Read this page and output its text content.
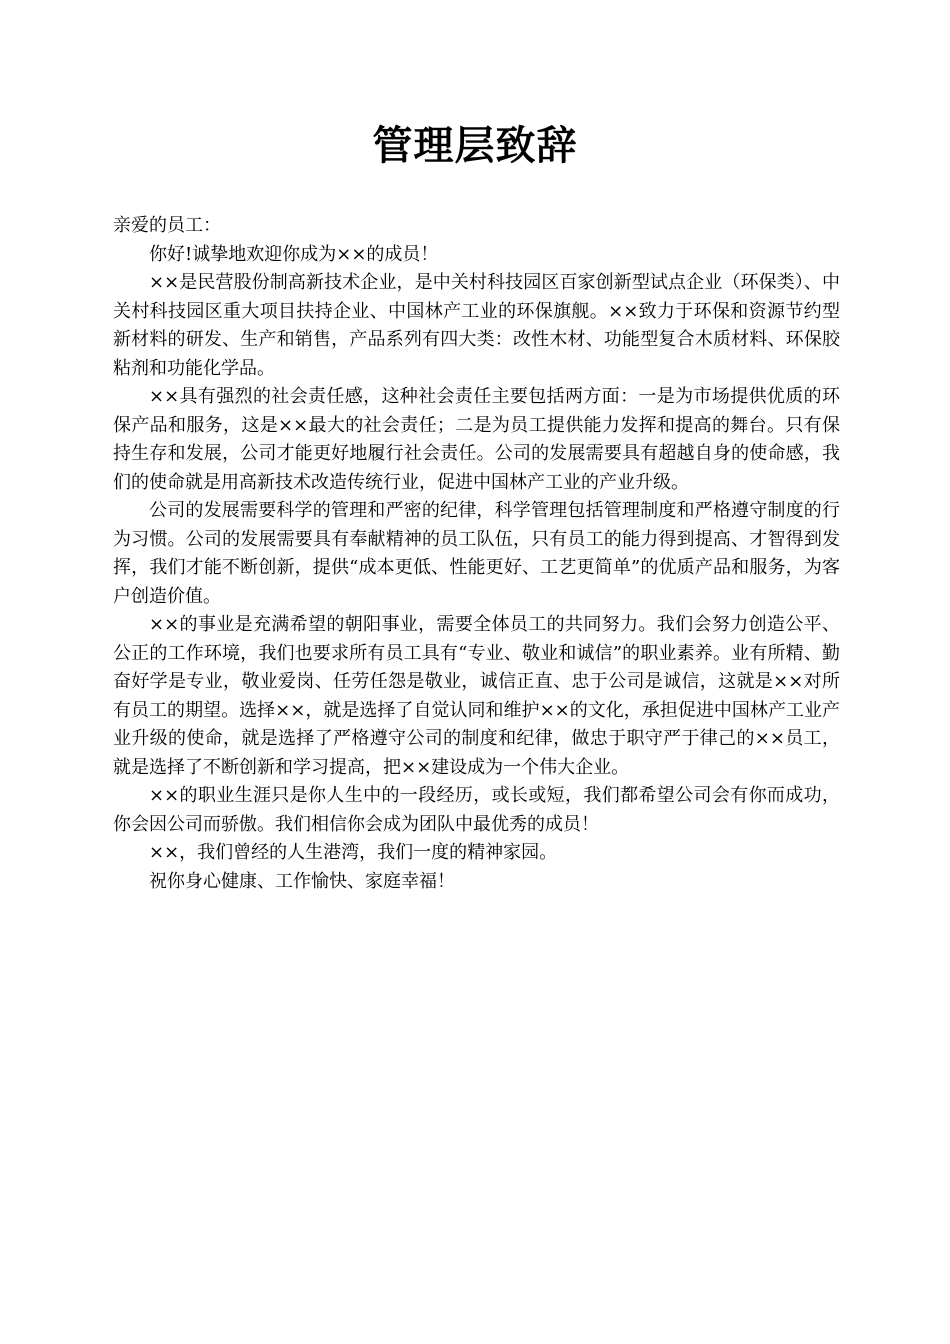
管理层致辞

亲爱的员工：

你好!诚挚地欢迎你成为××的成员！

××是民营股份制高新技术企业，是中关村科技园区百家创新型试点企业（环保类）、中关村科技园区重大项目扶持企业、中国林产工业的环保旗舰。××致力于环保和资源节约型新材料的研发、生产和销售，产品系列有四大类：改性木材、功能型复合木质材料、环保胶粘剂和功能化学品。

××具有强烈的社会责任感，这种社会责任主要包括两方面：一是为市场提供优质的环保产品和服务，这是××最大的社会责任；二是为员工提供能力发挥和提高的舞台。只有保持生存和发展，公司才能更好地履行社会责任。公司的发展需要具有超越自身的使命感，我们的使命就是用高新技术改造传统行业，促进中国林产工业的产业升级。

公司的发展需要科学的管理和严密的纪律，科学管理包括管理制度和严格遵守制度的行为习惯。公司的发展需要具有奉献精神的员工队伍，只有员工的能力得到提高、才智得到发挥，我们才能不断创新，提供“成本更低、性能更好、工艺更简单”的优质产品和服务，为客户创造价值。

××的事业是充满希望的朝阳事业，需要全体员工的共同努力。我们会努力创造公平、公正的工作环境，我们也要求所有员工具有“专业、敬业和诚信”的职业素养。业有所精、勤奋好学是专业，敬业爱岗、任劳任怨是敬业，诚信正直、忠于公司是诚信，这就是××对所有员工的期望。选择××，就是选择了自觉认同和维护××的文化，承担促进中国林产工业产业升级的使命，就是选择了严格遵守公司的制度和纪律，做忠于职守严于律己的××员工，就是选择了不断创新和学习提高，把××建设成为一个伟大企业。

××的职业生涯只是你人生中的一段经历，或长或短，我们都希望公司会有你而成功，你会因公司而骄傲。我们相信你会成为团队中最优秀的成员！

××，我们曾经的人生港湾，我们一度的精神家园。

祝你身心健康、工作愉快、家庭幸福！
